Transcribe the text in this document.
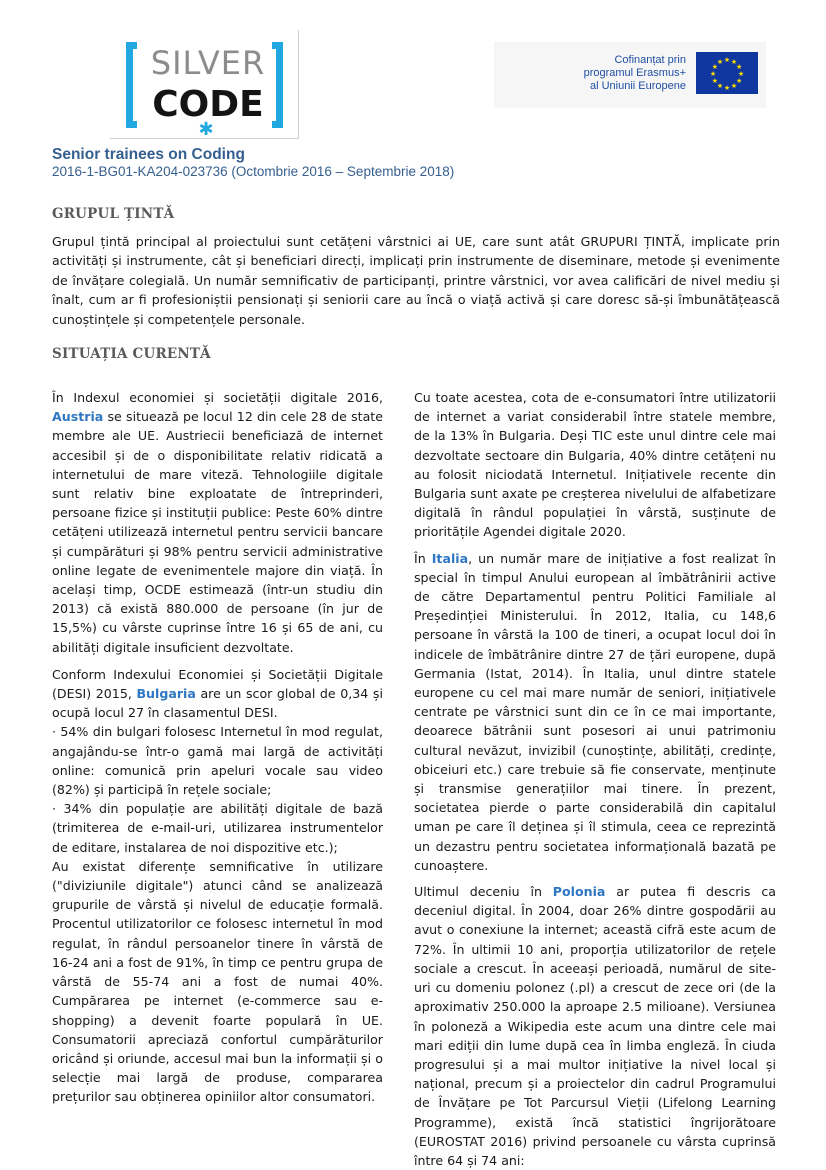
SILVER
CODE
✱
Cofinanțat prin
programul Erasmus+
al Uniunii Europene
★ ★
★
★
★
★
★
★
★
★
★
★
Senior trainees on Coding
2016-1-BG01-KA204-023736 (Octombrie 2016 – Septembrie 2018)
GRUPUL ȚINTĂ

Grupul țintă principal al proiectului sunt cetățeni vârstnici ai UE, care sunt atât GRUPURI ȚINTĂ, implicate prin activități și instrumente, cât și beneficiari direcți, implicați prin instrumente de diseminare, metode și evenimente de învățare colegială. Un număr semnificativ de participanți, printre vârstnici, vor avea calificări de nivel mediu și înalt, cum ar fi profesioniștii pensionați și seniorii care au încă o viață activă și care doresc să-și îmbunătățească cunoștințele și competențele personale.

SITUAȚIA CURENTĂ

În Indexul economiei și societății digitale 2016, Austria se situează pe locul 12 din cele 28 de state membre ale UE. Austriecii beneficiază de internet accesibil și de o disponibilitate relativ ridicată a internetului de mare viteză. Tehnologiile digitale sunt relativ bine exploatate de întreprinderi, persoane fizice și instituții publice: Peste 60% dintre cetățeni utilizează internetul pentru servicii bancare și cumpărături și 98% pentru servicii administrative online legate de evenimentele majore din viață. În același timp, OCDE estimează (într-un studiu din 2013) că există 880.000 de persoane (în jur de 15,5%) cu vârste cuprinse între 16 și 65 de ani, cu abilități digitale insuficient dezvoltate.

Conform Indexului Economiei și Societății Digitale (DESI) 2015, Bulgaria are un scor global de 0,34 și ocupă locul 27 în clasamentul DESI.
· 54% din bulgari folosesc Internetul în mod regulat, angajându-se într-o gamă mai largă de activități online: comunică prin apeluri vocale sau video (82%) și participă în rețele sociale;
· 34% din populație are abilități digitale de bază (trimiterea de e-mail-uri, utilizarea instrumentelor de editare, instalarea de noi dispozitive etc.);
Au existat diferențe semnificative în utilizare ("diviziunile digitale") atunci când se analizează grupurile de vârstă și nivelul de educație formală. Procentul utilizatorilor ce folosesc internetul în mod regulat, în rândul persoanelor tinere în vârstă de 16-24 ani a fost de 91%, în timp ce pentru grupa de vârstă de 55-74 ani a fost de numai 40%. Cumpărarea pe internet (e-commerce sau e-shopping) a devenit foarte populară în UE. Consumatorii apreciază confortul cumpărăturilor oricând și oriunde, accesul mai bun la informații și o selecție mai largă de produse, compararea prețurilor sau obținerea opiniilor altor consumatori.

Cu toate acestea, cota de e-consumatori între utilizatorii de internet a variat considerabil între statele membre, de la 13% în Bulgaria. Deși TIC este unul dintre cele mai dezvoltate sectoare din Bulgaria, 40% dintre cetățeni nu au folosit niciodată Internetul. Inițiativele recente din Bulgaria sunt axate pe creșterea nivelului de alfabetizare digitală în rândul populației în vârstă, susținute de prioritățile Agendei digitale 2020.

În Italia, un număr mare de inițiative a fost realizat în special în timpul Anului european al îmbătrânirii active de către Departamentul pentru Politici Familiale al Președinției Ministerului. În 2012, Italia, cu 148,6 persoane în vârstă la 100 de tineri, a ocupat locul doi în indicele de îmbătrânire dintre 27 de țări europene, după Germania (Istat, 2014). În Italia, unul dintre statele europene cu cel mai mare număr de seniori, inițiativele centrate pe vârstnici sunt din ce în ce mai importante, deoarece bătrânii sunt posesori ai unui patrimoniu cultural nevăzut, invizibil (cunoștințe, abilități, credințe, obiceiuri etc.) care trebuie să fie conservate, menținute și transmise generațiilor mai tinere. În prezent, societatea pierde o parte considerabilă din capitalul uman pe care îl deținea și îl stimula, ceea ce reprezintă un dezastru pentru societatea informațională bazată pe cunoaștere.

Ultimul deceniu în Polonia ar putea fi descris ca deceniul digital. În 2004, doar 26% dintre gospodării au avut o conexiune la internet; această cifră este acum de 72%. În ultimii 10 ani, proporția utilizatorilor de rețele sociale a crescut. În aceeași perioadă, numărul de site-uri cu domeniu polonez (.pl) a crescut de zece ori (de la aproximativ 250.000 la aproape 2.5 milioane). Versiunea în poloneză a Wikipedia este acum una dintre cele mai mari ediții din lume după cea în limba engleză. În ciuda progresului și a mai multor inițiative la nivel local și național, precum și a proiectelor din cadrul Programului de Învățare pe Tot Parcursul Vieții (Lifelong Learning Programme), există încă statistici îngrijorătoare (EUROSTAT 2016) privind persoanele cu vârsta cuprinsă între 64 și 74 ani:
